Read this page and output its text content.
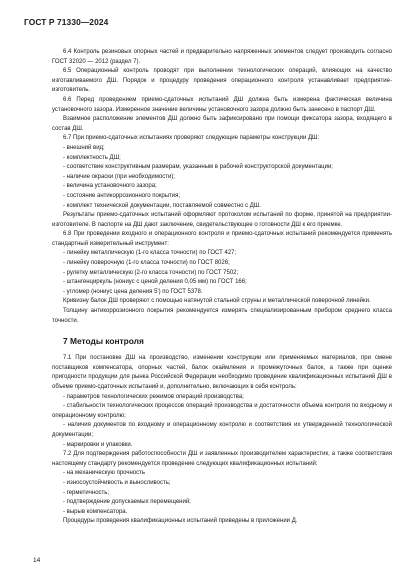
ГОСТ Р 71330—2024

6.4 Контроль резиновых опорных частей и предварительно напряженных элементов следует производить согласно ГОСТ 32020 — 2012 (раздел 7).

6.5 Операционный контроль проводят при выполнении технологических операций, влияющих на качество изготавливаемого ДШ. Порядок и процедуру проведения операционного контроля устанавливает предприятие-изготовитель.

6.6 Перед проведением приемо-сдаточных испытаний ДШ должна быть измерена фактическая величина установочного зазора. Измеренное значение величины установочного зазора должно быть занесено в паспорт ДШ.

Взаимное расположение элементов ДШ должно быть зафиксировано при помощи фиксатора зазора, входящего в состав ДШ.

6.7 При приемо-сдаточных испытаниях проверяют следующие параметры конструкции ДШ:

- внешний вид;

- комплектность ДШ;

- соответствие конструктивным размерам, указанным в рабочей конструкторской документации;

- наличие окраски (при необходимости);

- величина установочного зазора;

- состояние антикоррозионного покрытия;

- комплект технической документации, поставляемой совместно с ДШ.

Результаты приемо-сдаточных испытаний оформляют протоколом испытаний по форме, принятой на предприятии-изготовителе. В паспорте на ДШ дают заключение, свидетельствующее о готовности ДШ к его приемке.

6.8 При проведении входного и операционного контроля и приемо-сдаточных испытаний рекомендуется применять стандартный измерительный инструмент:

- линейку металлическую (1-го класса точности) по ГОСТ 427;

- линейку поверочную (1-го класса точности) по ГОСТ 8026;

- рулетку металлическую (2-го класса точности) по ГОСТ 7502;

- штангенциркуль (нониус с ценой деления 0,05 мм) по ГОСТ 166;

- угломер (нониус цена деления 5') по ГОСТ 5378.

Кривизну балок ДШ проверяют с помощью натянутой стальной струны и металлической поверочной линейки.

Толщину антикоррозионного покрытия рекомендуется измерять специализированным прибором среднего класса точности.

7 Методы контроля

7.1 При постановке ДШ на производство, изменении конструкции или применяемых материалов, при смене поставщиков компенсатора, опорных частей, балок окаймления и промежуточных балок, а также при оценке пригодности продукции для рынка Российской Федерации необходимо проведение квалификационных испытаний ДШ в объеме приемо-сдаточных испытаний и, дополнительно, включающих в себя контроль:

- параметров технологических режимов операций производства;

- стабильности технологических процессов операций производства и достаточности объема контроля по входному и операционному контролю;

- наличия документов по входному и операционному контролю и соответствия их утвержденной технологической документации;

- маркировки и упаковки.

7.2 Для подтверждения работоспособности ДШ и заявленных производителем характеристик, а также соответствия настоящему стандарту рекомендуется проведение следующих квалификационных испытаний:

- на механическую прочность

- износоустойчивость и выносливость;

- герметичность;

- подтверждение допускаемых перемещений;

- вырыв компенсатора.

Процедуры проведения квалификационных испытаний приведены в приложении Д.

14
